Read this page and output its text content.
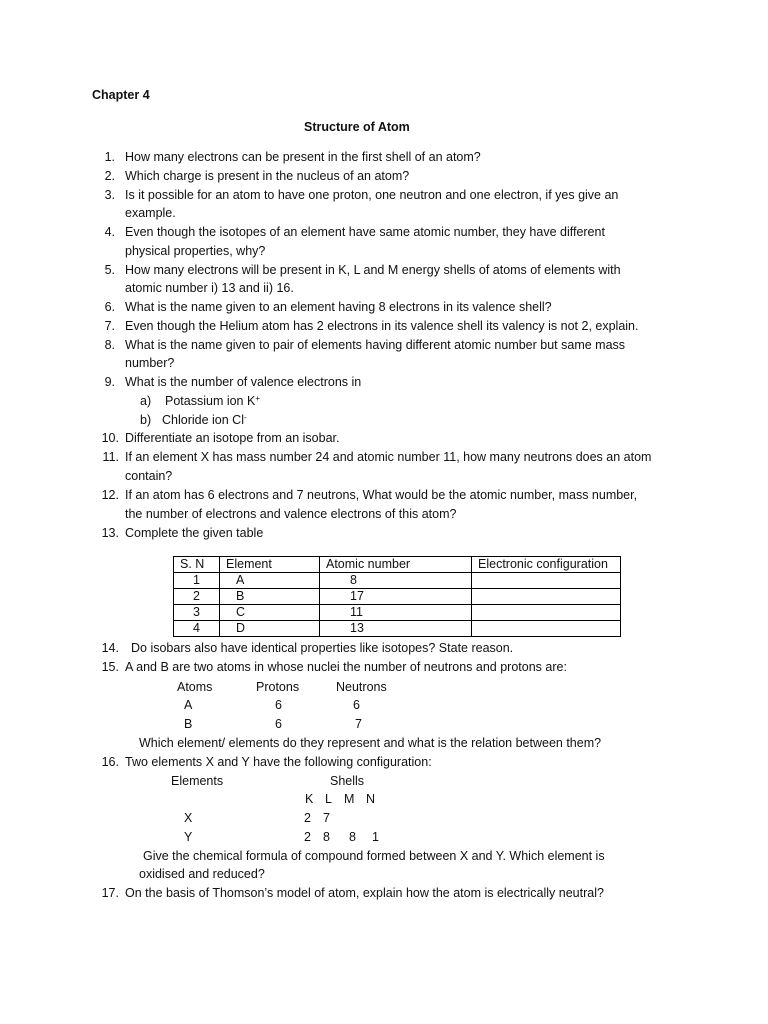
Chapter 4
Structure of Atom
1. How many electrons can be present in the first shell of an atom?
2. Which charge is present in the nucleus of an atom?
3. Is it possible for an atom to have one proton, one neutron and one electron, if yes give an
example.
4. Even though the isotopes of an element have same atomic number, they have different
physical properties, why?
5. How many electrons will be present in K, L and M energy shells of atoms of elements with
atomic number i) 13 and ii) 16.
6. What is the name given to an element having 8 electrons in its valence shell?
7. Even though the Helium atom has 2 electrons in its valence shell its valency is not 2, explain.
8. What is the name given to pair of elements having different atomic number but same mass
number?
9. What is the number of valence electrons in
a) Potassium ion K+
b) Chloride ion Cl-
10. Differentiate an isotope from an isobar.
11. If an element X has mass number 24 and atomic number 11, how many neutrons does an atom
contain?
12. If an atom has 6 electrons and 7 neutrons, What would be the atomic number, mass number,
the number of electrons and valence electrons of this atom?
13. Complete the given table
S. N	Element	Atomic number	Electronic configuration
1	A	8	
2	B	17	
3	C	11	
4	D	13	
14. Do isobars also have identical properties like isotopes? State reason.
15. A and B are two atoms in whose nuclei the number of neutrons and protons are:
Atoms	Protons	Neutrons
A	6	6
B	6	7
Which element/ elements do they represent and what is the relation between them?
16. Two elements X and Y have the following configuration:
Elements	Shells
K L M N
X	2 7
Y	2 8 8 1
Give the chemical formula of compound formed between X and Y. Which element is
oxidised and reduced?
17. On the basis of Thomson’s model of atom, explain how the atom is electrically neutral?
